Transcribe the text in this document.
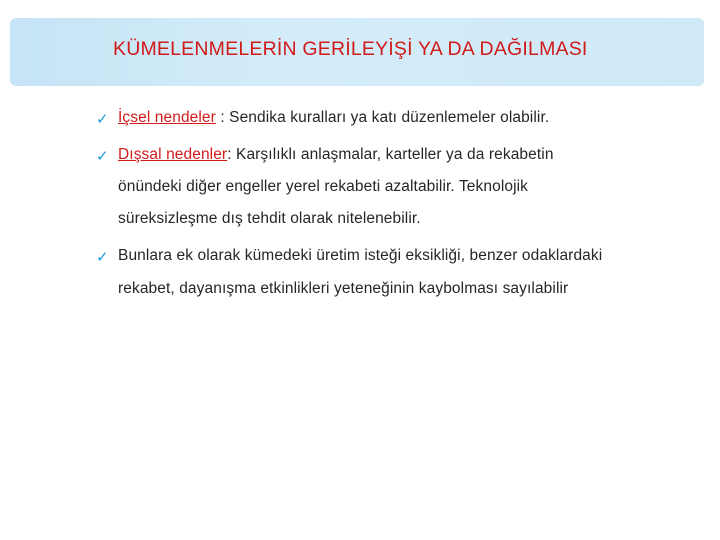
KÜMELENMELERİN GERİLEYİŞİ YA DA DAĞILMASI
✓ İçsel nendeler : Sendika kuralları ya katı düzenlemeler olabilir.
✓ Dışsal nedenler: Karşılıklı anlaşmalar, karteller ya da rekabetin
önündeki diğer engeller yerel rekabeti azaltabilir. Teknolojik
süreksizleşme dış tehdit olarak nitelenebilir.
✓ Bunlara ek olarak kümedeki üretim isteği eksikliği, benzer odaklardaki
rekabet, dayanışma etkinlikleri yeteneğinin kaybolması sayılabilir
